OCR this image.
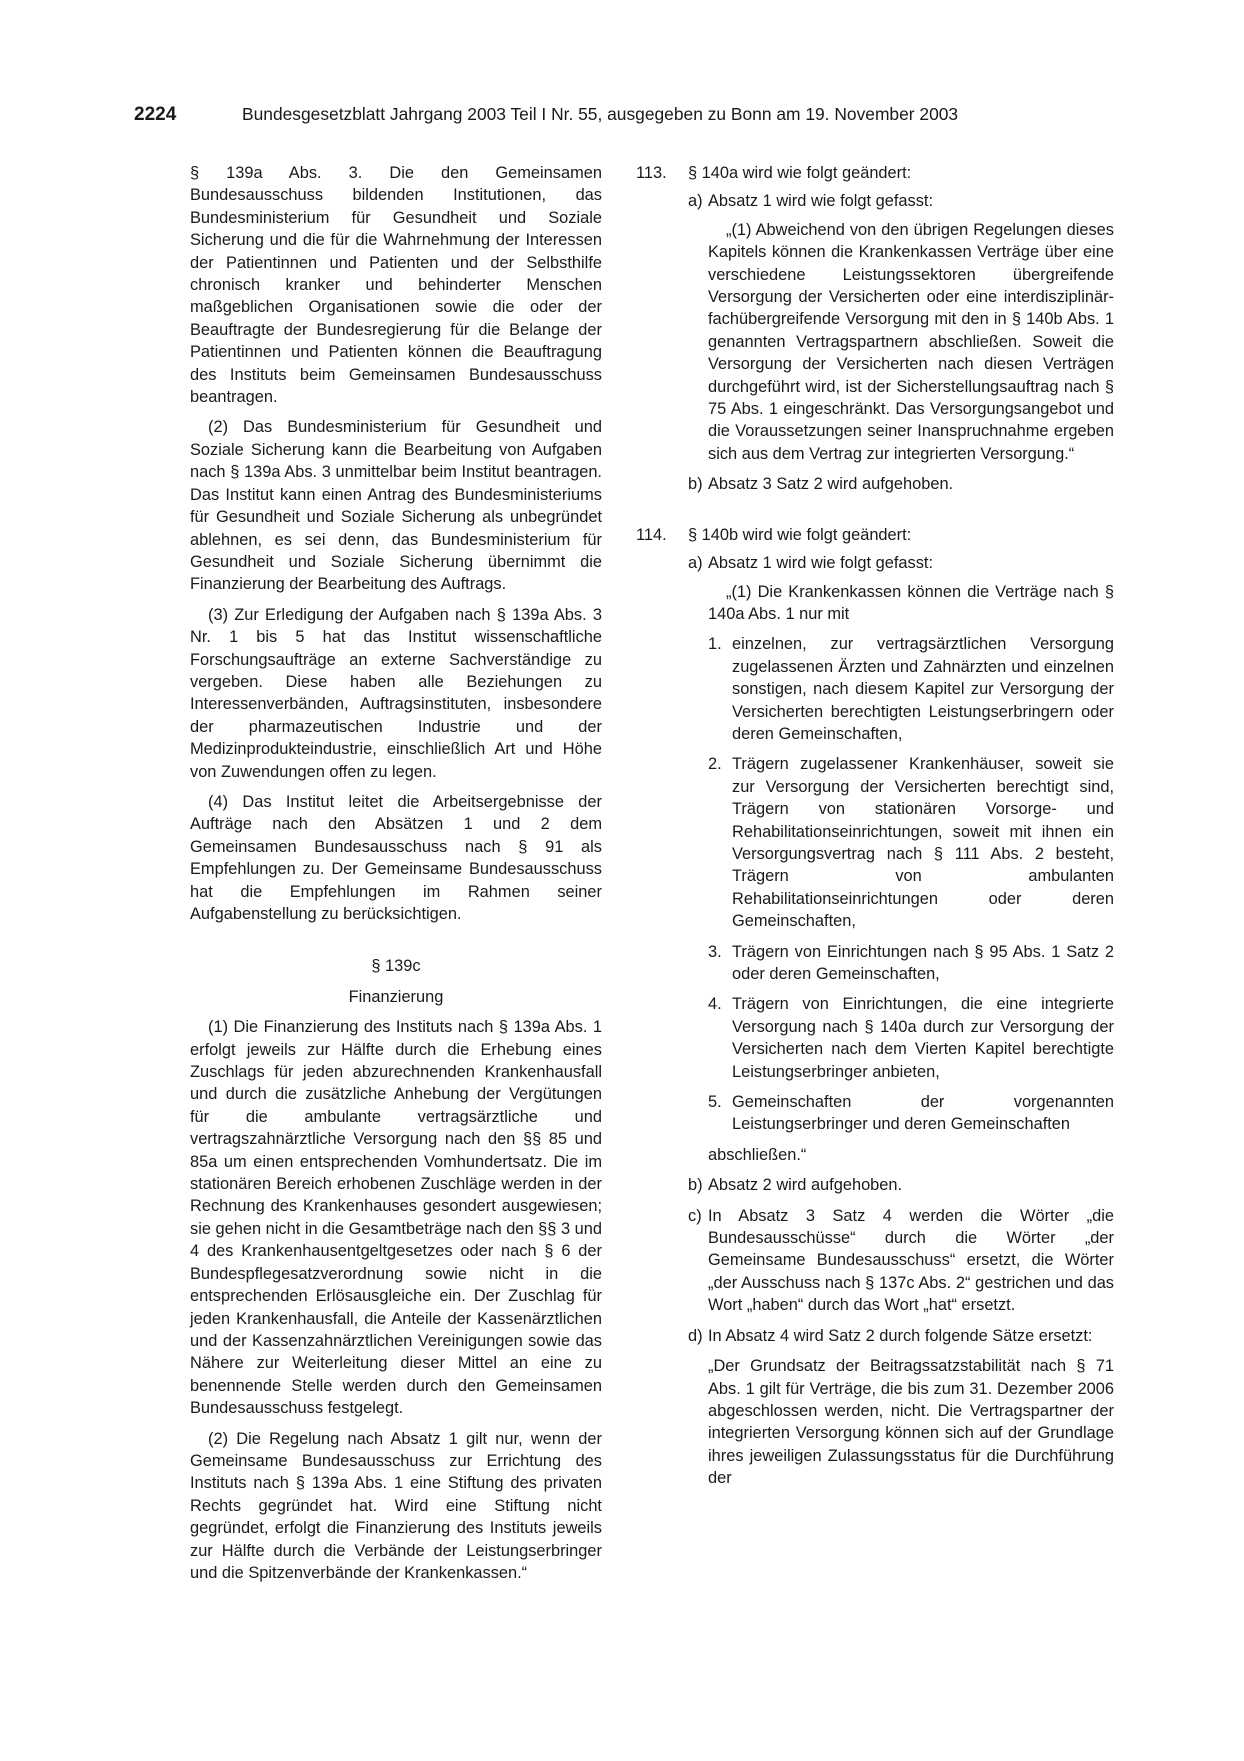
2224	Bundesgesetzblatt Jahrgang 2003 Teil I Nr. 55, ausgegeben zu Bonn am 19. November 2003

§ 139a Abs. 3. Die den Gemeinsamen Bundesausschuss bildenden Institutionen, das Bundesministerium für Gesundheit und Soziale Sicherung und die für die Wahrnehmung der Interessen der Patientinnen und Patienten und der Selbsthilfe chronisch kranker und behinderter Menschen maßgeblichen Organisationen sowie die oder der Beauftragte der Bundesregierung für die Belange der Patientinnen und Patienten können die Beauftragung des Instituts beim Gemeinsamen Bundesausschuss beantragen.

(2) Das Bundesministerium für Gesundheit und Soziale Sicherung kann die Bearbeitung von Aufgaben nach § 139a Abs. 3 unmittelbar beim Institut beantragen. Das Institut kann einen Antrag des Bundesministeriums für Gesundheit und Soziale Sicherung als unbegründet ablehnen, es sei denn, das Bundesministerium für Gesundheit und Soziale Sicherung übernimmt die Finanzierung der Bearbeitung des Auftrags.

(3) Zur Erledigung der Aufgaben nach § 139a Abs. 3 Nr. 1 bis 5 hat das Institut wissenschaftliche Forschungsaufträge an externe Sachverständige zu vergeben. Diese haben alle Beziehungen zu Interessenverbänden, Auftragsinstituten, insbesondere der pharmazeutischen Industrie und der Medizinprodukteindustrie, einschließlich Art und Höhe von Zuwendungen offen zu legen.

(4) Das Institut leitet die Arbeitsergebnisse der Aufträge nach den Absätzen 1 und 2 dem Gemeinsamen Bundesausschuss nach § 91 als Empfehlungen zu. Der Gemeinsame Bundesausschuss hat die Empfehlungen im Rahmen seiner Aufgabenstellung zu berücksichtigen.

§ 139c

Finanzierung

(1) Die Finanzierung des Instituts nach § 139a Abs. 1 erfolgt jeweils zur Hälfte durch die Erhebung eines Zuschlags für jeden abzurechnenden Krankenhausfall und durch die zusätzliche Anhebung der Vergütungen für die ambulante vertragsärztliche und vertragszahnärztliche Versorgung nach den §§ 85 und 85a um einen entsprechenden Vomhundertsatz. Die im stationären Bereich erhobenen Zuschläge werden in der Rechnung des Krankenhauses gesondert ausgewiesen; sie gehen nicht in die Gesamtbeträge nach den §§ 3 und 4 des Krankenhausentgeltgesetzes oder nach § 6 der Bundespflegesatzverordnung sowie nicht in die entsprechenden Erlösausgleiche ein. Der Zuschlag für jeden Krankenhausfall, die Anteile der Kassenärztlichen und der Kassenzahnärztlichen Vereinigungen sowie das Nähere zur Weiterleitung dieser Mittel an eine zu benennende Stelle werden durch den Gemeinsamen Bundesausschuss festgelegt.

(2) Die Regelung nach Absatz 1 gilt nur, wenn der Gemeinsame Bundesausschuss zur Errichtung des Instituts nach § 139a Abs. 1 eine Stiftung des privaten Rechts gegründet hat. Wird eine Stiftung nicht gegründet, erfolgt die Finanzierung des Instituts jeweils zur Hälfte durch die Verbände der Leistungserbringer und die Spitzenverbände der Krankenkassen.“

113.	§ 140a wird wie folgt geändert:

a) Absatz 1 wird wie folgt gefasst:

„(1) Abweichend von den übrigen Regelungen dieses Kapitels können die Krankenkassen Verträge über eine verschiedene Leistungssektoren übergreifende Versorgung der Versicherten oder eine interdisziplinär-fachübergreifende Versorgung mit den in § 140b Abs. 1 genannten Vertragspartnern abschließen. Soweit die Versorgung der Versicherten nach diesen Verträgen durchgeführt wird, ist der Sicherstellungsauftrag nach § 75 Abs. 1 eingeschränkt. Das Versorgungsangebot und die Voraussetzungen seiner Inanspruchnahme ergeben sich aus dem Vertrag zur integrierten Versorgung.“

b) Absatz 3 Satz 2 wird aufgehoben.

114.	§ 140b wird wie folgt geändert:

a) Absatz 1 wird wie folgt gefasst:

„(1) Die Krankenkassen können die Verträge nach § 140a Abs. 1 nur mit

1. einzelnen, zur vertragsärztlichen Versorgung zugelassenen Ärzten und Zahnärzten und einzelnen sonstigen, nach diesem Kapitel zur Versorgung der Versicherten berechtigten Leistungserbringern oder deren Gemeinschaften,

2. Trägern zugelassener Krankenhäuser, soweit sie zur Versorgung der Versicherten berechtigt sind, Trägern von stationären Vorsorge- und Rehabilitationseinrichtungen, soweit mit ihnen ein Versorgungsvertrag nach § 111 Abs. 2 besteht, Trägern von ambulanten Rehabilitationseinrichtungen oder deren Gemeinschaften,

3. Trägern von Einrichtungen nach § 95 Abs. 1 Satz 2 oder deren Gemeinschaften,

4. Trägern von Einrichtungen, die eine integrierte Versorgung nach § 140a durch zur Versorgung der Versicherten nach dem Vierten Kapitel berechtigte Leistungserbringer anbieten,

5. Gemeinschaften der vorgenannten Leistungserbringer und deren Gemeinschaften

abschließen.“

b) Absatz 2 wird aufgehoben.

c) In Absatz 3 Satz 4 werden die Wörter „die Bundesausschüsse“ durch die Wörter „der Gemeinsame Bundesausschuss“ ersetzt, die Wörter „der Ausschuss nach § 137c Abs. 2“ gestrichen und das Wort „haben“ durch das Wort „hat“ ersetzt.

d) In Absatz 4 wird Satz 2 durch folgende Sätze ersetzt:

„Der Grundsatz der Beitragssatzstabilität nach § 71 Abs. 1 gilt für Verträge, die bis zum 31. Dezember 2006 abgeschlossen werden, nicht. Die Vertragspartner der integrierten Versorgung können sich auf der Grundlage ihres jeweiligen Zulassungsstatus für die Durchführung der
